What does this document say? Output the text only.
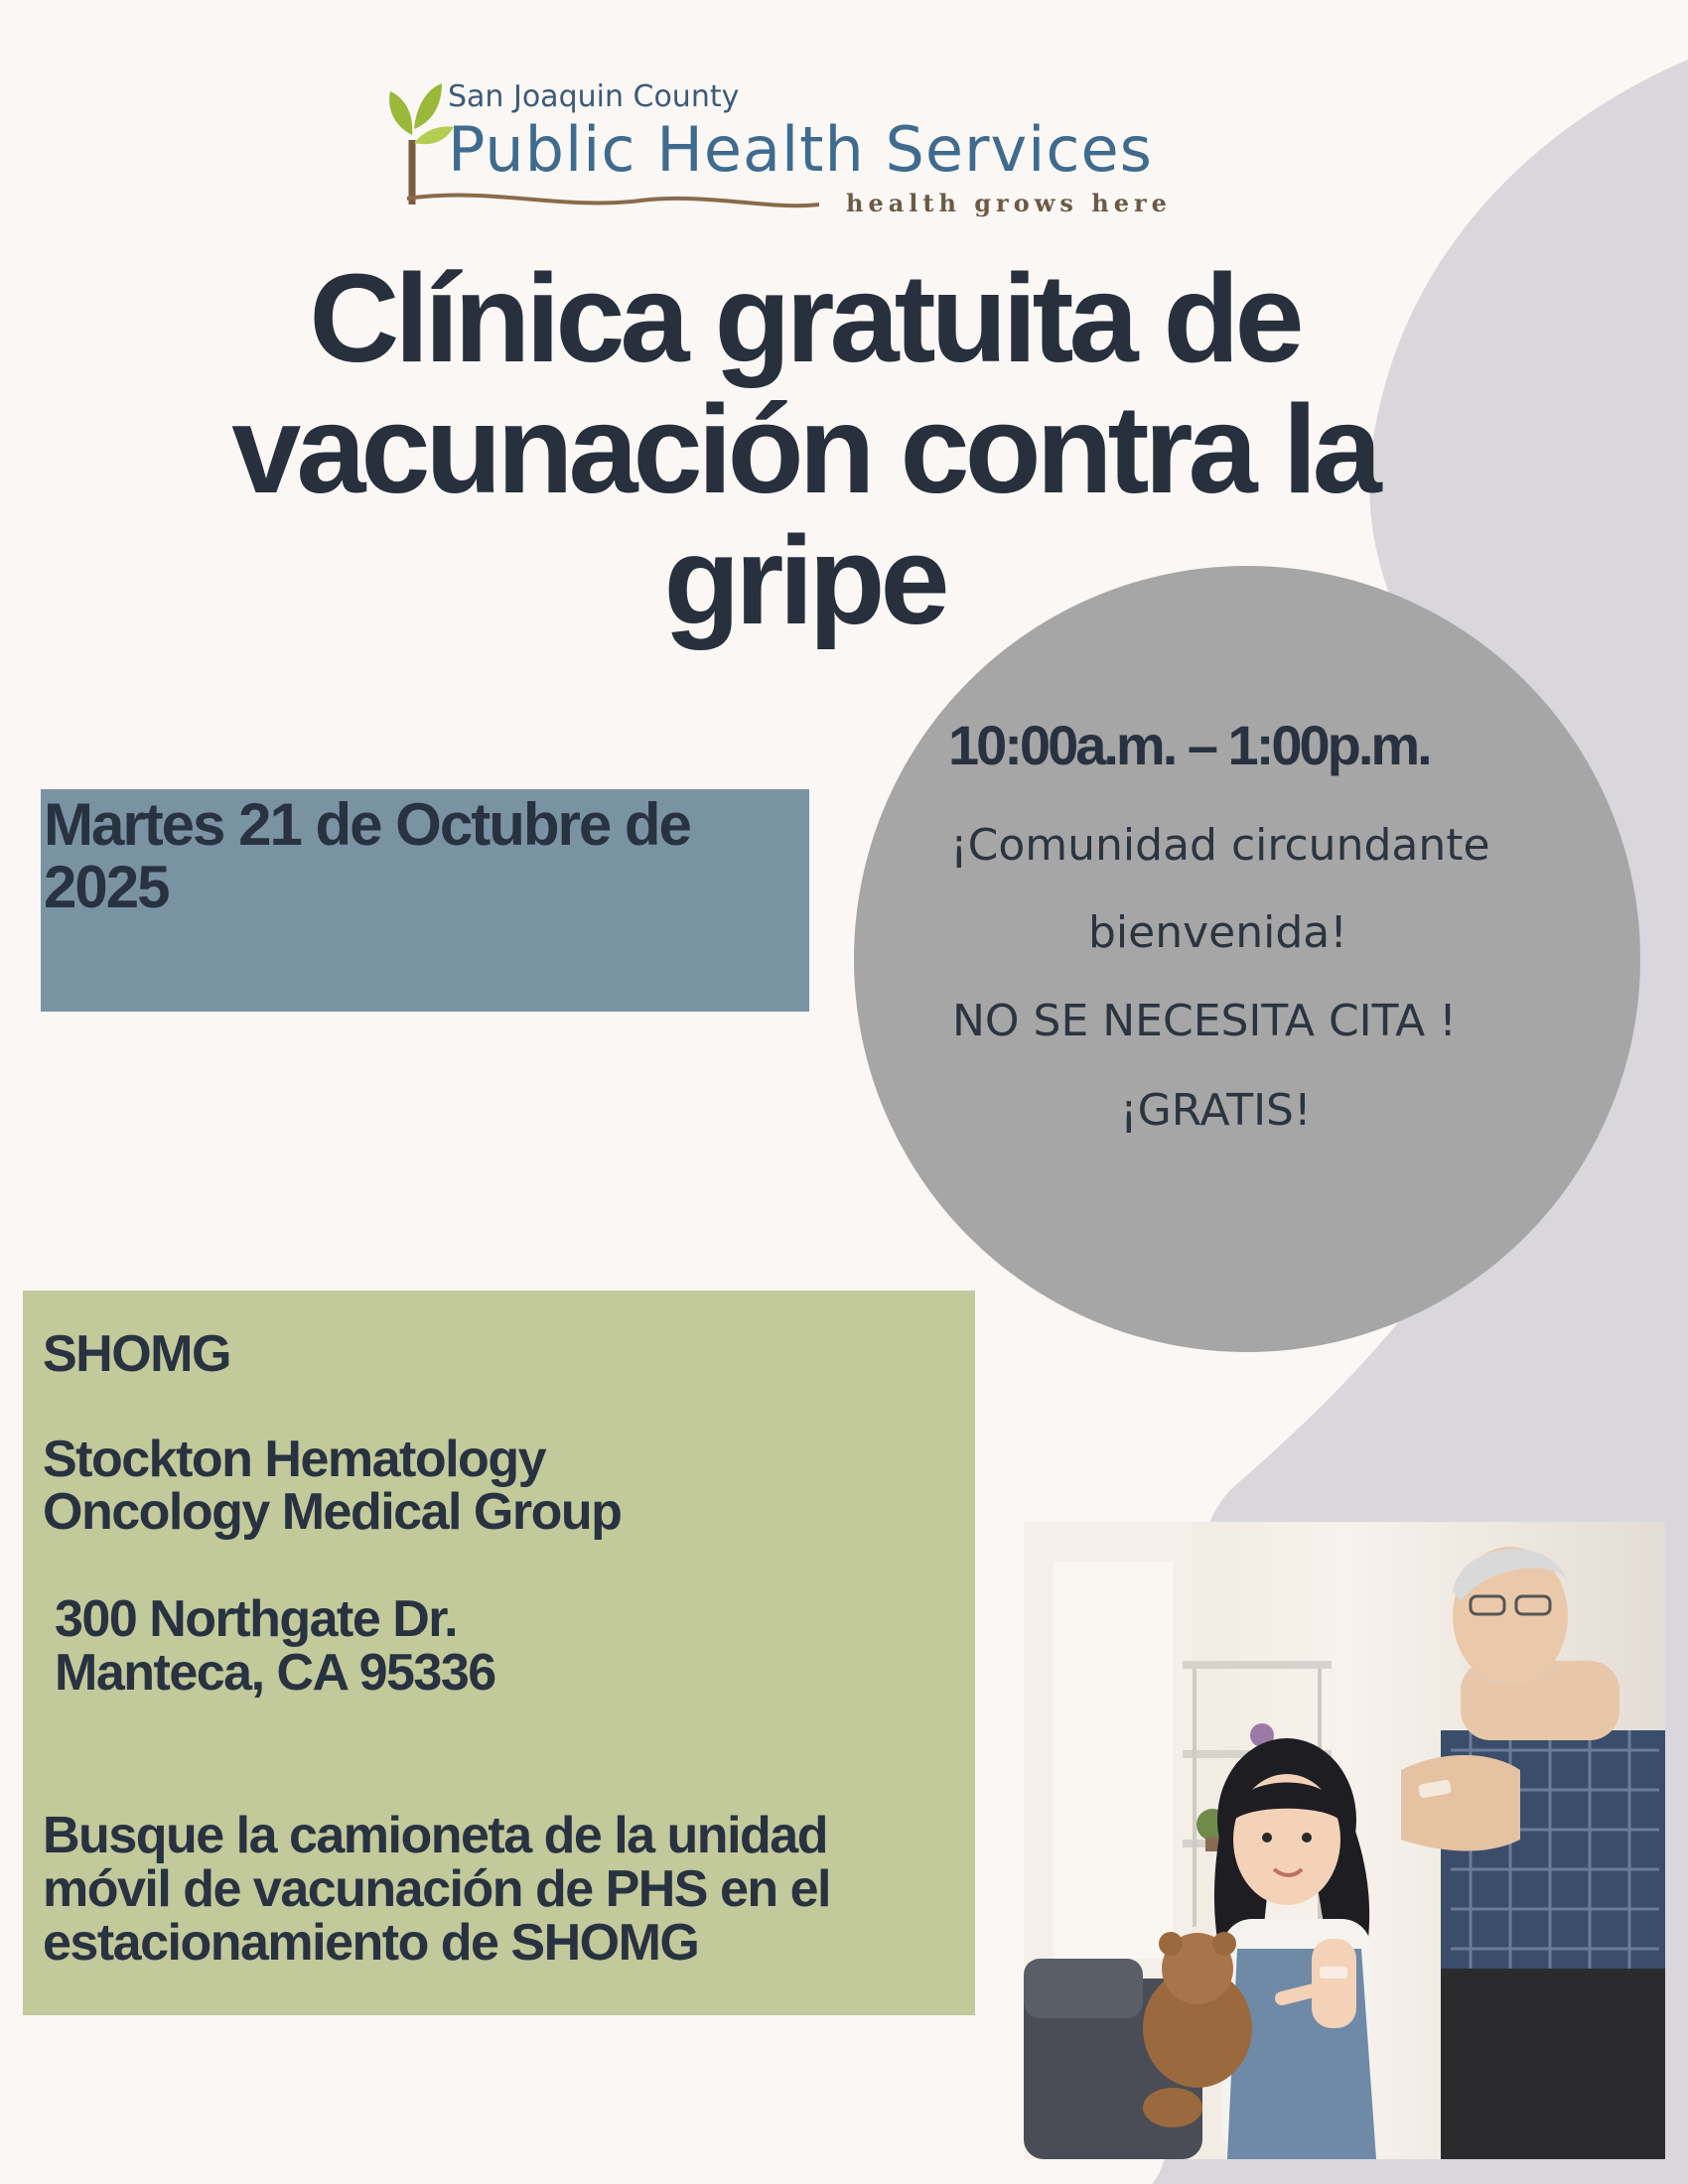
San Joaquin County
Public Health Services
health grows here
Clínica gratuita de
vacunación contra la
gripe
Martes 21 de Octubre de
2025
10:00a.m. – 1:00p.m.
¡Comunidad circundante
bienvenida!
NO SE NECESITA CITA !
¡GRATIS!
SHOMG
Stockton Hematology
Oncology Medical Group
300 Northgate Dr.
Manteca, CA 95336
Busque la camioneta de la unidad
móvil de vacunación de PHS en el
estacionamiento de SHOMG
